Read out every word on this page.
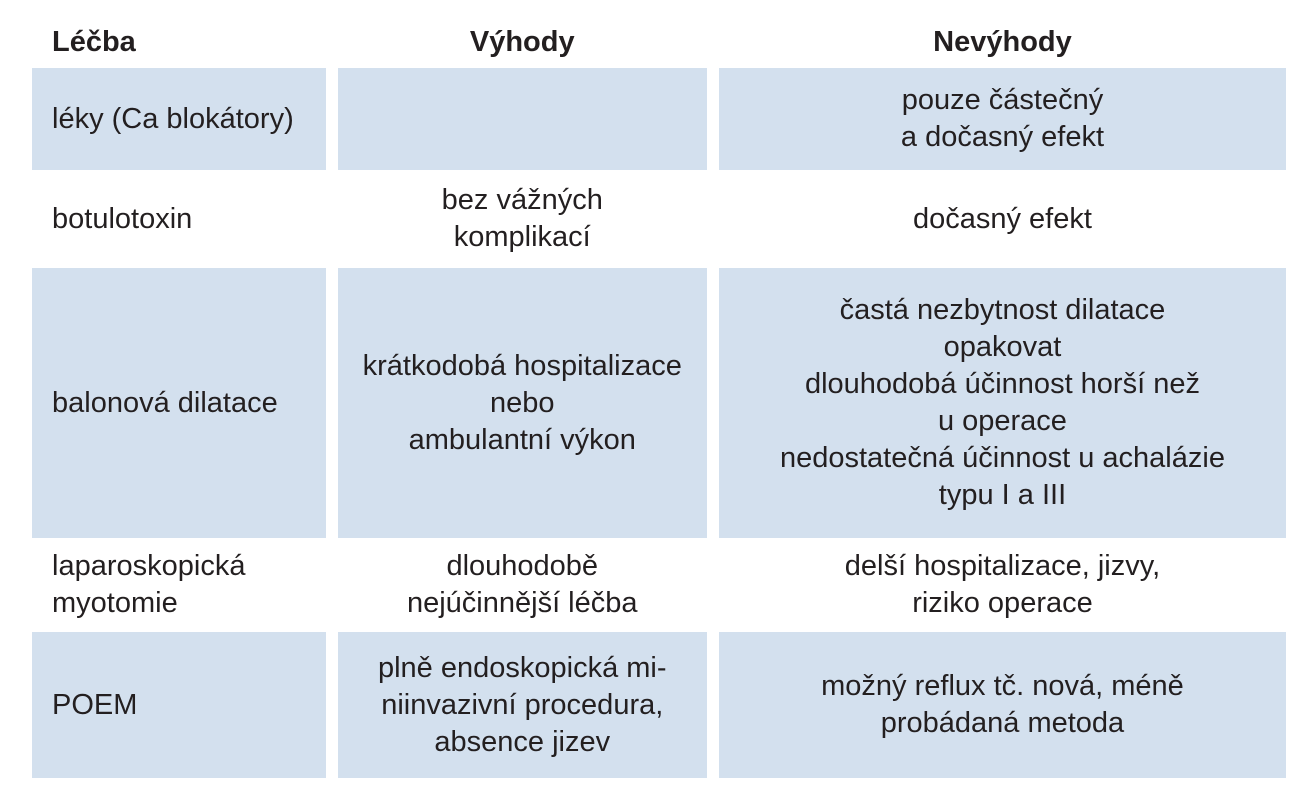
Léčba	Výhody	Nevýhody
léky (Ca blokátory)
pouze částečný
a dočasný efekt
botulotoxin
bez vážných
komplikací
dočasný efekt
balonová dilatace
krátkodobá hospitalizace
nebo
ambulantní výkon
častá nezbytnost dilatace
opakovat
dlouhodobá účinnost horší než
u operace
nedostatečná účinnost u achalázie
typu I a III
laparoskopická
myotomie
dlouhodobě
nejúčinnější léčba
delší hospitalizace, jizvy,
riziko operace
POEM
plně endoskopická mi-
niinvazivní procedura,
absence jizev
možný reflux tč. nová, méně
probádaná metoda
